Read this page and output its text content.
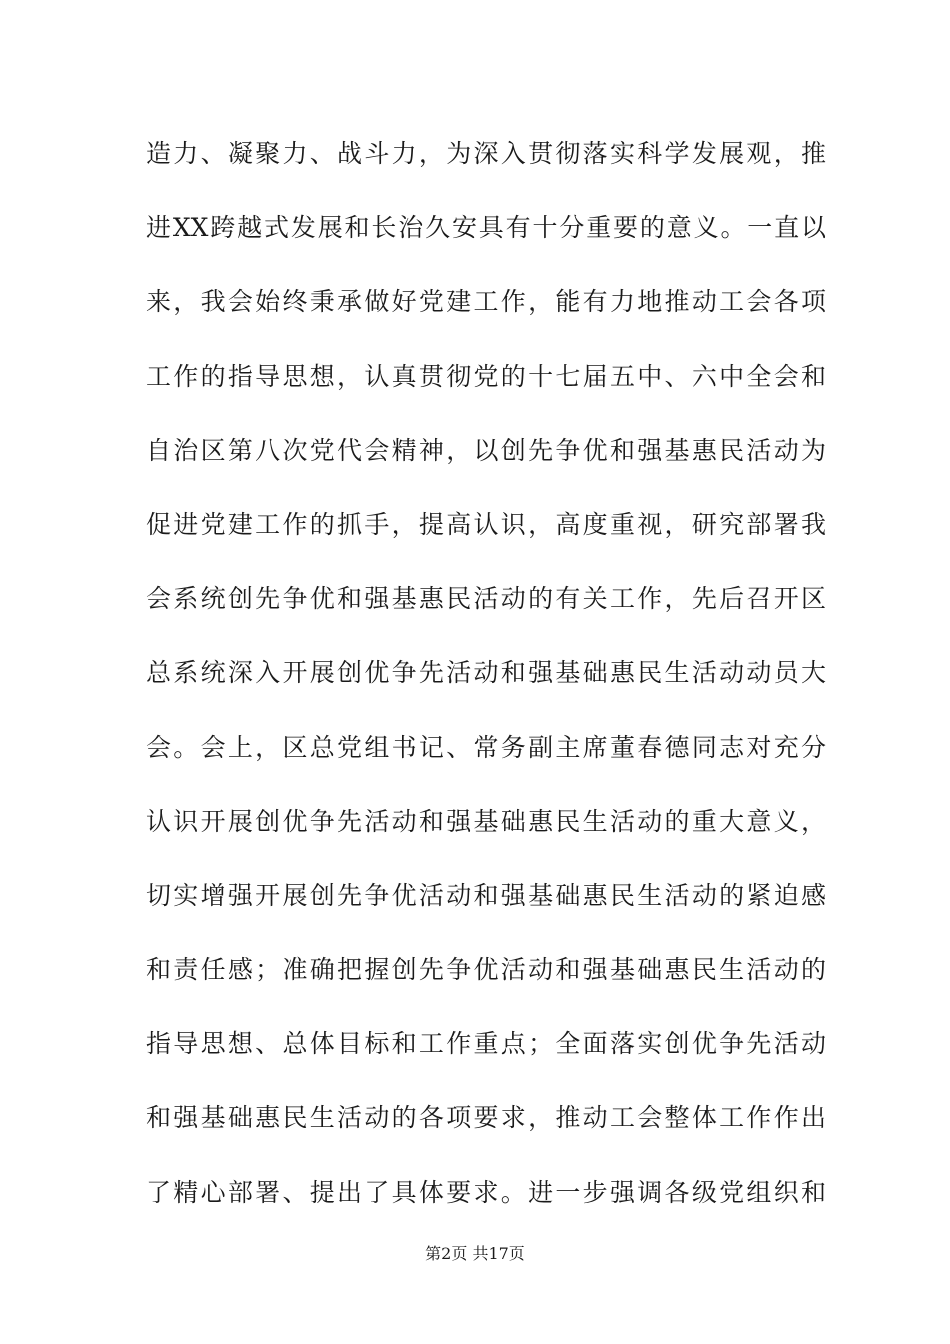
造力、凝聚力、战斗力，为深入贯彻落实科学发展观，推
进XX跨越式发展和长治久安具有十分重要的意义。一直以
来，我会始终秉承做好党建工作，能有力地推动工会各项
工作的指导思想，认真贯彻党的十七届五中、六中全会和
自治区第八次党代会精神，以创先争优和强基惠民活动为
促进党建工作的抓手，提高认识，高度重视，研究部署我
会系统创先争优和强基惠民活动的有关工作，先后召开区
总系统深入开展创优争先活动和强基础惠民生活动动员大
会。会上，区总党组书记、常务副主席董春德同志对充分
认识开展创优争先活动和强基础惠民生活动的重大意义，
切实增强开展创先争优活动和强基础惠民生活动的紧迫感
和责任感；准确把握创先争优活动和强基础惠民生活动的
指导思想、总体目标和工作重点；全面落实创优争先活动
和强基础惠民生活动的各项要求，推动工会整体工作作出
了精心部署、提出了具体要求。进一步强调各级党组织和
第2页 共17页
